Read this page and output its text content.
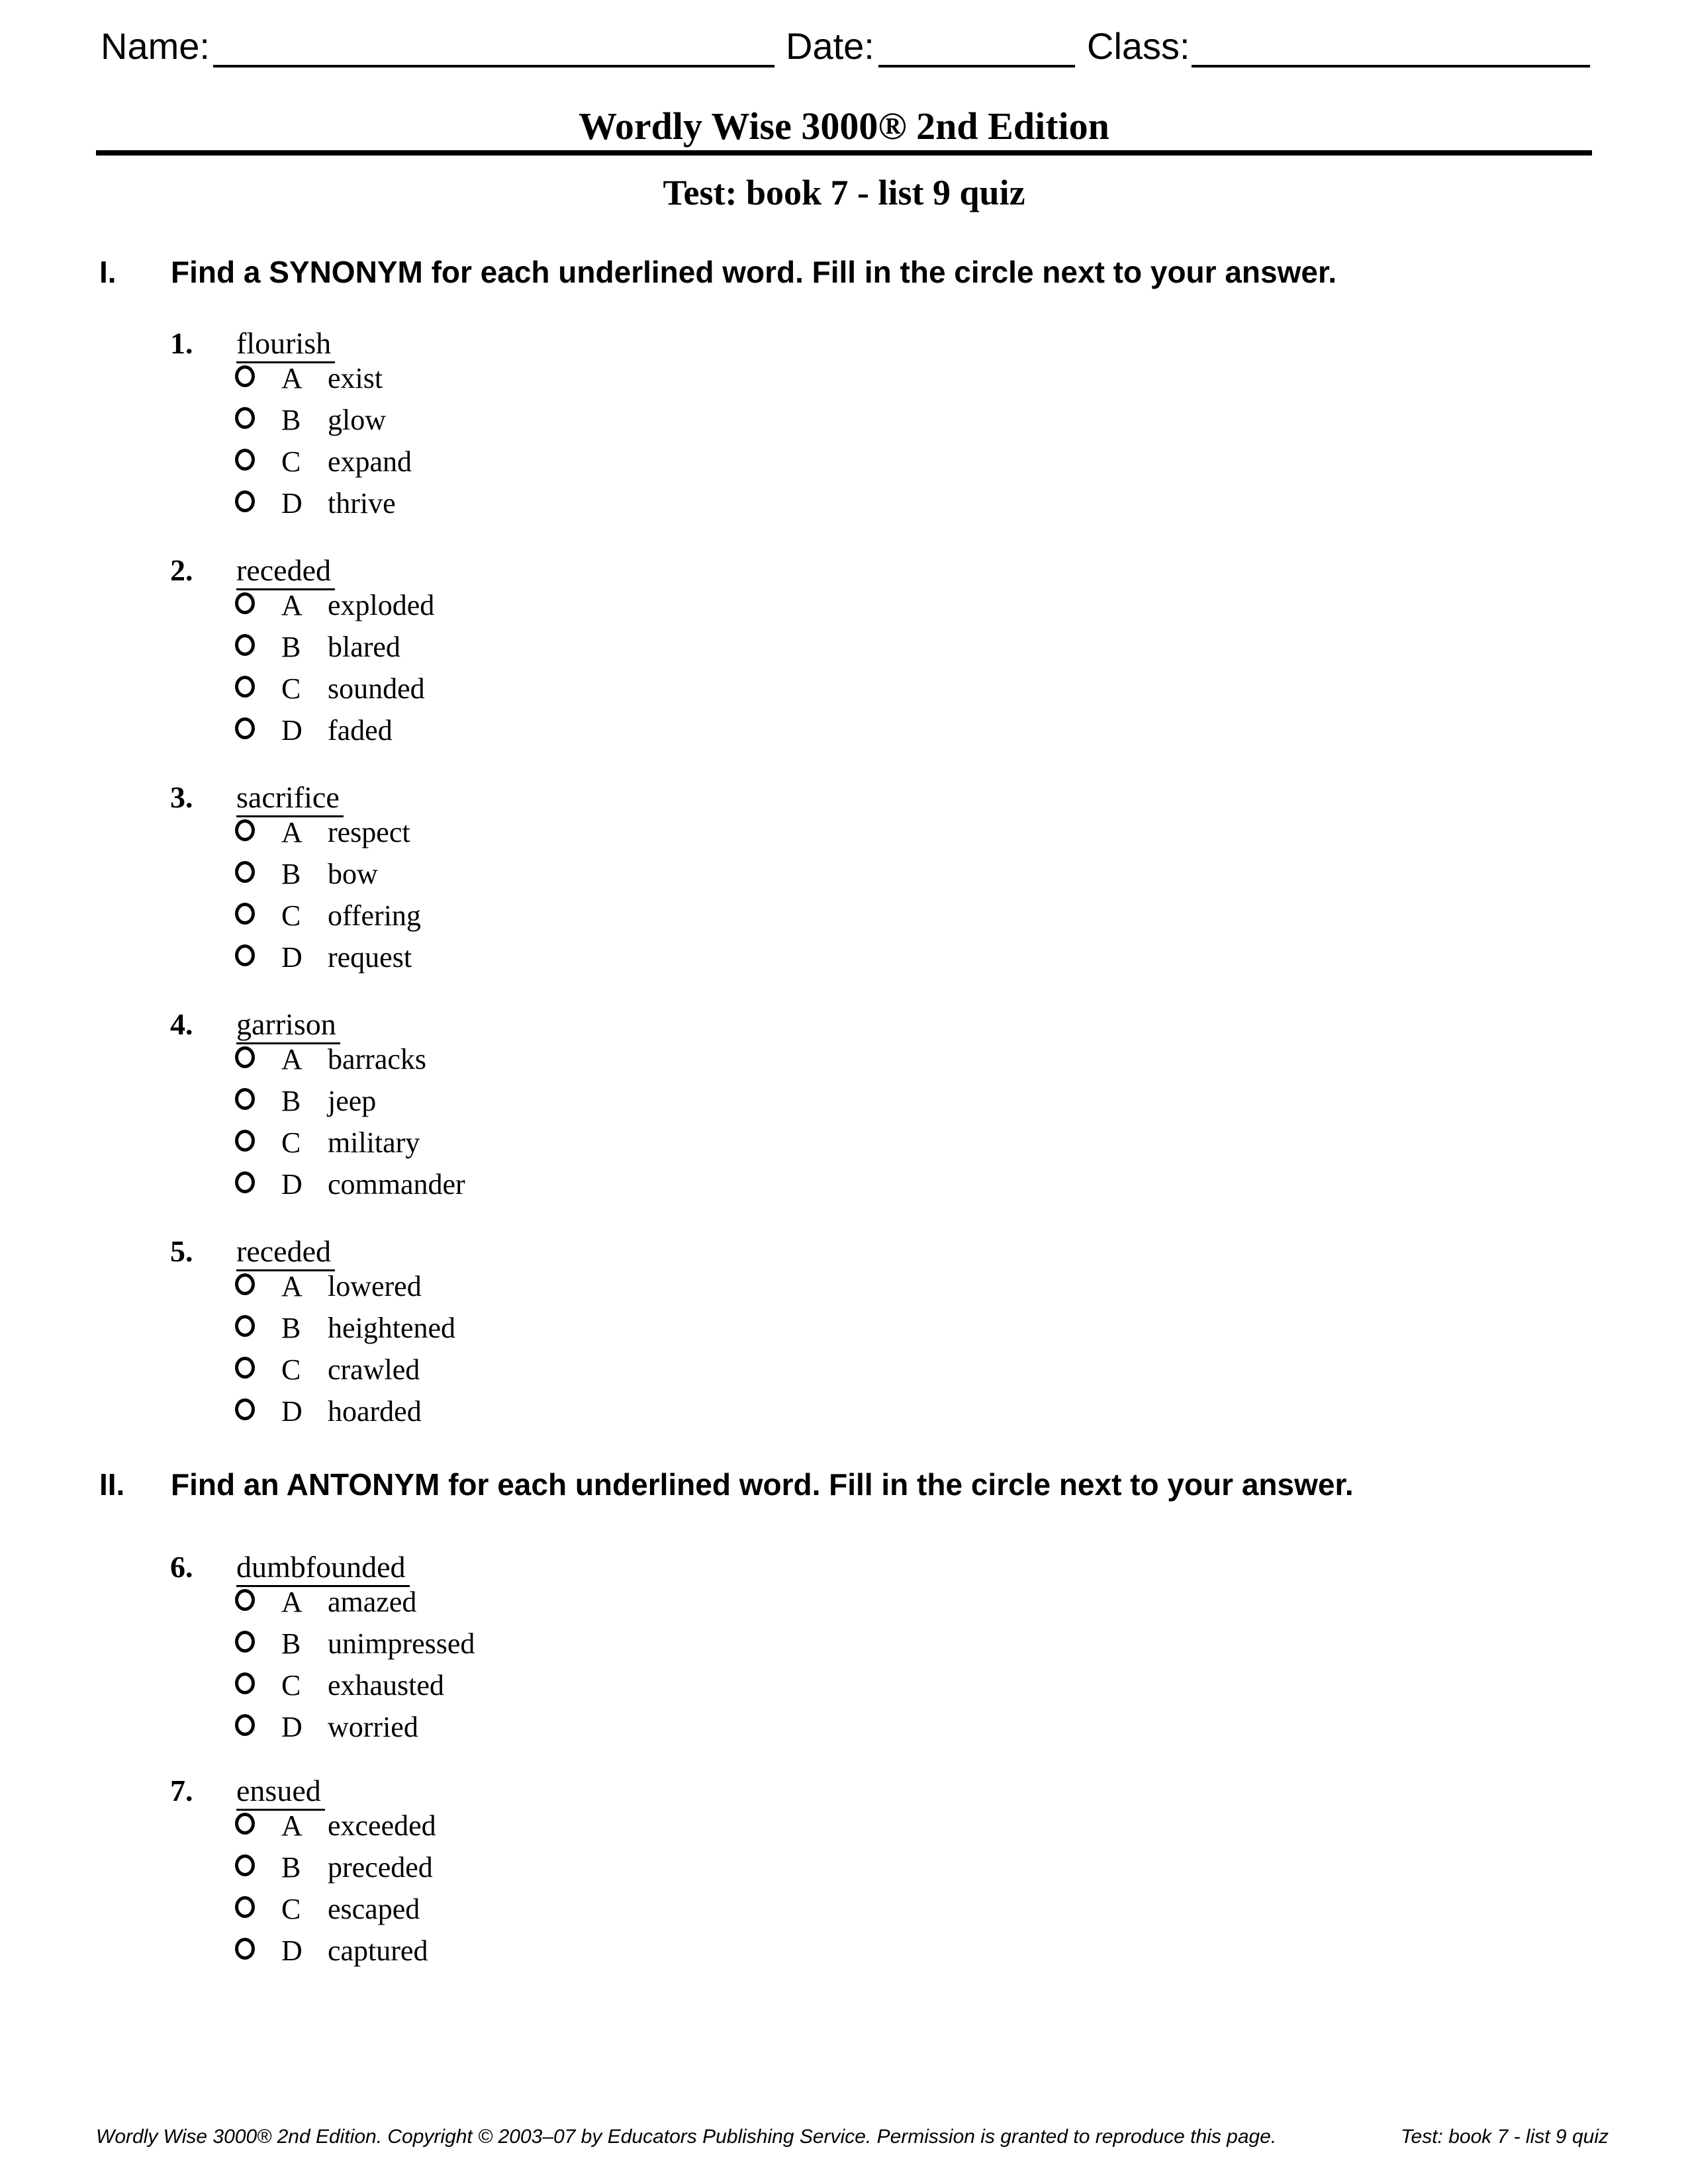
Name:	Date:	Class:
Wordly Wise 3000® 2nd Edition
Test: book 7 - list 9 quiz
I. Find a SYNONYM for each underlined word. Fill in the circle next to your answer.
1. flourish
A exist
B glow
C expand
D thrive
2. receded
A exploded
B blared
C sounded
D faded
3. sacrifice
A respect
B bow
C offering
D request
4. garrison
A barracks
B jeep
C military
D commander
5. receded
A lowered
B heightened
C crawled
D hoarded
II. Find an ANTONYM for each underlined word. Fill in the circle next to your answer.
6. dumbfounded
A amazed
B unimpressed
C exhausted
D worried
7. ensued
A exceeded
B preceded
C escaped
D captured
Wordly Wise 3000® 2nd Edition. Copyright © 2003–07 by Educators Publishing Service. Permission is granted to reproduce this page.	Test: book 7 - list 9 quiz
